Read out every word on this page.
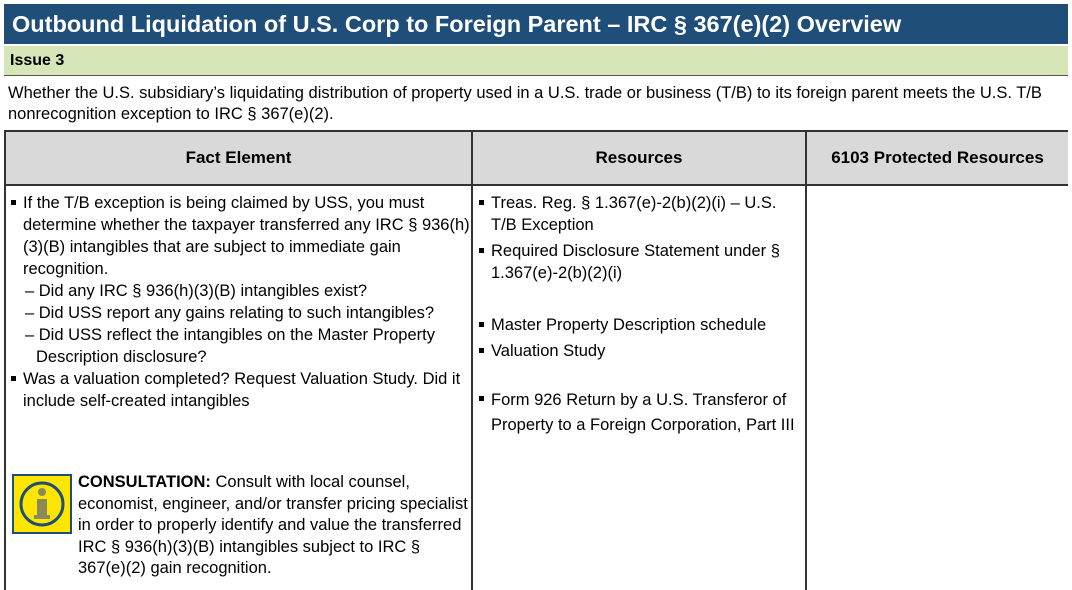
Outbound Liquidation of U.S. Corp to Foreign Parent – IRC § 367(e)(2) Overview
Issue 3
Whether the U.S. subsidiary’s liquidating distribution of property used in a U.S. trade or business (T/B) to its foreign parent meets the U.S. T/B nonrecognition exception to IRC § 367(e)(2).
Fact Element	Resources	6103 Protected Resources
If the T/B exception is being claimed by USS, you must determine whether the taxpayer transferred any IRC § 936(h)(3)(B) intangibles that are subject to immediate gain recognition.
– Did any IRC § 936(h)(3)(B) intangibles exist?
– Did USS report any gains relating to such intangibles?
– Did USS reflect the intangibles on the Master Property Description disclosure?
Was a valuation completed? Request Valuation Study. Did it include self-created intangibles
CONSULTATION: Consult with local counsel, economist, engineer, and/or transfer pricing specialist in order to properly identify and value the transferred IRC § 936(h)(3)(B) intangibles subject to IRC § 367(e)(2) gain recognition.
Treas. Reg. § 1.367(e)-2(b)(2)(i) – U.S. T/B Exception
Required Disclosure Statement under § 1.367(e)-2(b)(2)(i)
Master Property Description schedule
Valuation Study
Form 926 Return by a U.S. Transferor of Property to a Foreign Corporation, Part III
